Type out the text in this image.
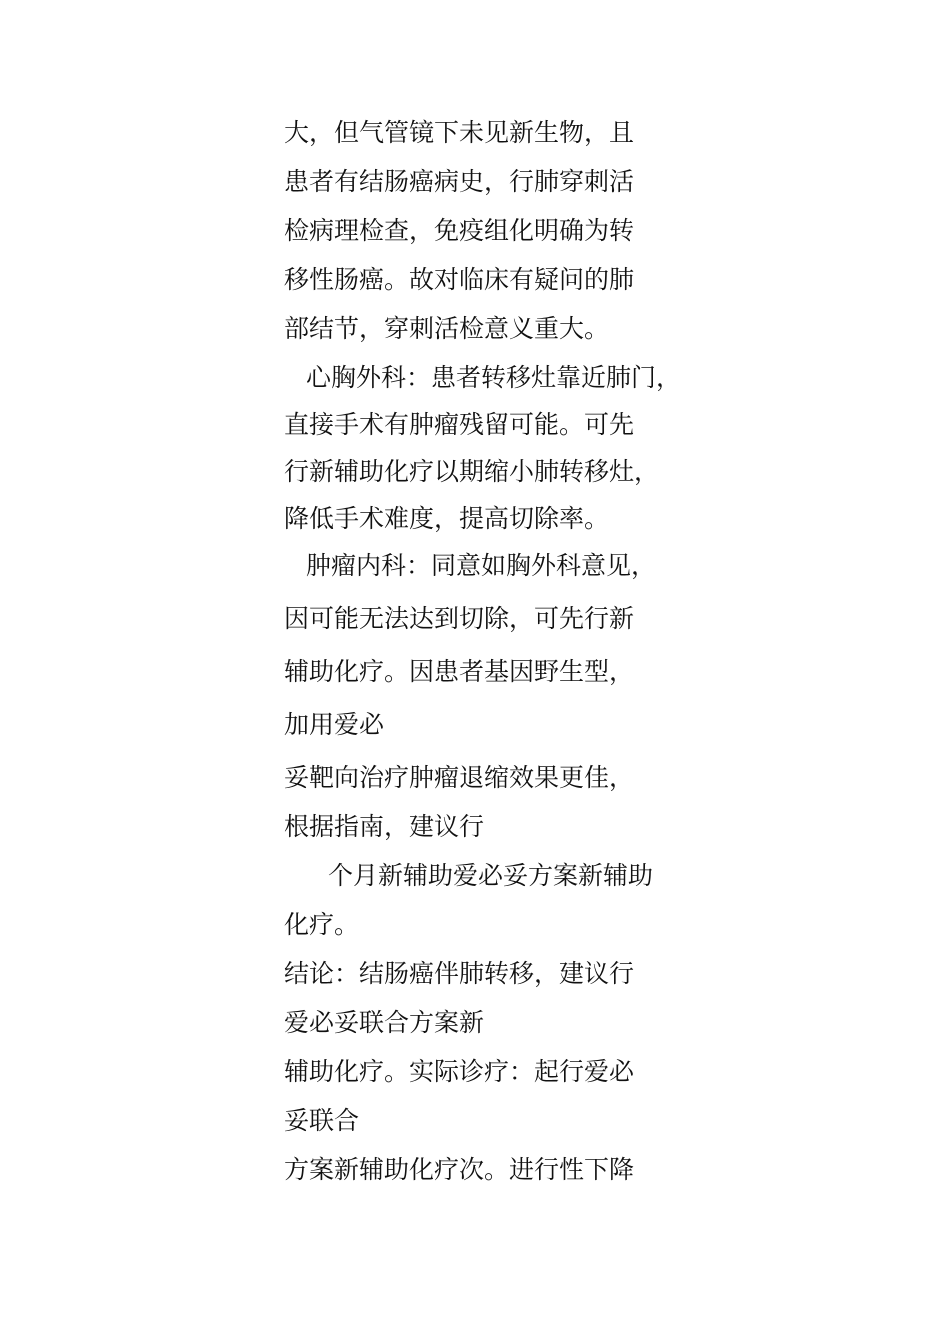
大，但气管镜下未见新生物，且
患者有结肠癌病史，行肺穿刺活
检病理检查，免疫组化明确为转
移性肠癌。故对临床有疑问的肺
部结节，穿刺活检意义重大。
心胸外科：患者转移灶靠近肺门，
直接手术有肿瘤残留可能。可先
行新辅助化疗以期缩小肺转移灶，
降低手术难度，提高切除率。
肿瘤内科：同意如胸外科意见，
因可能无法达到切除，可先行新
辅助化疗。因患者基因野生型，
加用爱必
妥靶向治疗肿瘤退缩效果更佳，
根据指南，建议行
个月新辅助爱必妥方案新辅助
化疗。
结论：结肠癌伴肺转移，建议行
爱必妥联合方案新
辅助化疗。实际诊疗：起行爱必
妥联合
方案新辅助化疗次。进行性下降
